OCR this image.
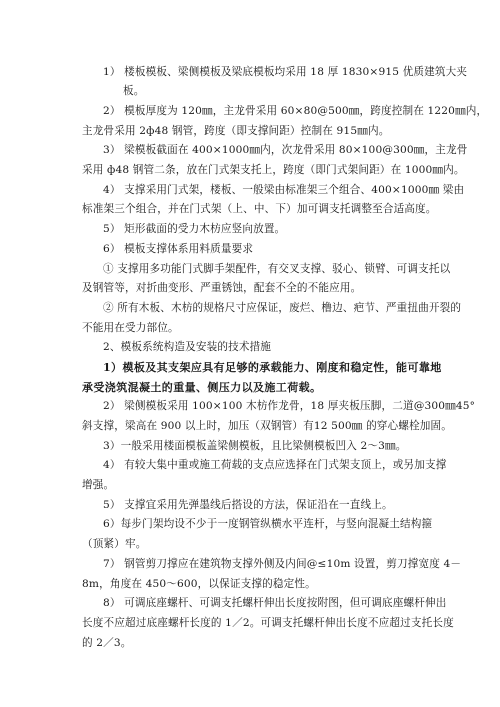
1） 楼板模板、梁侧模板及梁底模板均采用 18 厚 1830×915 优质建筑大夹
板。
2） 模板厚度为 120㎜，主龙骨采用 60×80@500㎜，跨度控制在 1220㎜内，
主龙骨采用 2ф48 钢管，跨度（即支撑间距）控制在 915㎜内。
3） 梁模板截面在 400×1000㎜内，次龙骨采用 80×100@300㎜，主龙骨
采用 ф48 钢管二条，放在门式架支托上，跨度（即门式架间距）在 1000㎜内。
4） 支撑采用门式架，楼板、一般梁由标准架三个组合、400×1000㎜ 梁由
标准架三个组合，并在门式架（上、中、下）加可调支托调整至合适高度。
5） 矩形截面的受力木枋应竖向放置。
6） 模板支撑体系用料质量要求
① 支撑用多功能门式脚手架配件，有交叉支撑、驳心、锁臂、可调支托以
及钢管等，对折曲变形、严重锈蚀，配套不全的不能应用。
② 所有木板、木枋的规格尺寸应保证，废烂、橹边、疤节、严重扭曲开裂的
不能用在受力部位。
2、模板系统构造及安装的技术措施
1）模板及其支架应具有足够的承载能力、刚度和稳定性，能可靠地
承受浇筑混凝土的重量、侧压力以及施工荷载。
2） 梁侧模板采用 100×100 木枋作龙骨，18 厚夹板压脚，二道@300㎜45°
斜支撑，梁高在 900 以上时，加压（双钢管）有12 500㎜ 的穿心螺栓加固。
3）一般采用楼面模板盖梁侧模板，且比梁侧模板凹入 2～3㎜。
4） 有较大集中重或施工荷载的支点应选择在门式架支顶上，或另加支撑
增强。
5） 支撑宜采用先弹墨线后搭设的方法，保证沿在一直线上。
6）每步门架均设不少于一度钢管纵横水平连杆，与竖向混凝土结构箍
（顶紧）牢。
7） 钢管剪刀撑应在建筑物支撑外侧及内间@≤10m 设置，剪刀撑宽度 4－
8m，角度在 450～600，以保证支撑的稳定性。
8） 可调底座螺杆、可调支托螺杆伸出长度按附图，但可调底座螺杆伸出
长度不应超过底座螺杆长度的 1／2。可调支托螺杆伸出长度不应超过支托长度
的 2／3。
